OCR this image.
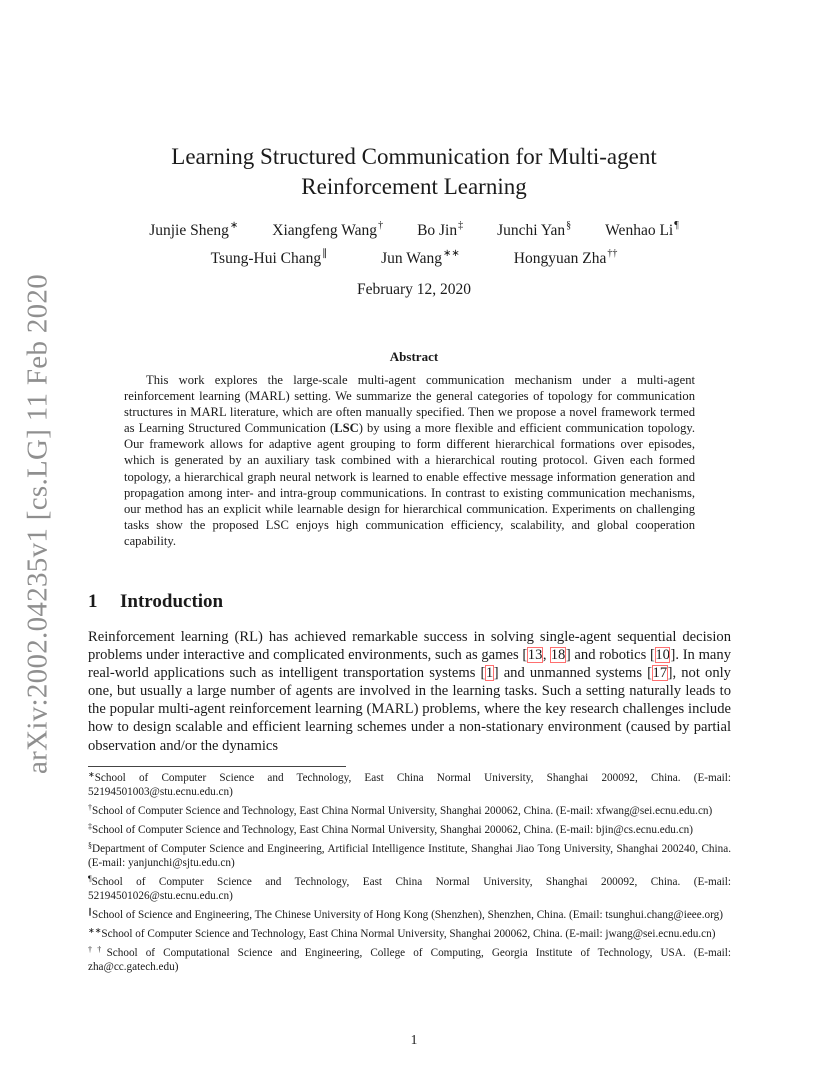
arXiv:2002.04235v1 [cs.LG] 11 Feb 2020
Learning Structured Communication for Multi-agent
Reinforcement Learning
Junjie Sheng∗ Xiangfeng Wang† Bo Jin‡ Junchi Yan§ Wenhao Li¶
Tsung-Hui Chang∥	Jun Wang∗∗	Hongyuan Zha††
February 12, 2020
Abstract
This work explores the large-scale multi-agent communication mechanism under a multi-agent reinforcement learning (MARL) setting. We summarize the general categories of topology for communication structures in MARL literature, which are often manually specified. Then we propose a novel framework termed as Learning Structured Communication (LSC) by using a more flexible and efficient communication topology. Our framework allows for adaptive agent grouping to form different hierarchical formations over episodes, which is generated by an auxiliary task combined with a hierarchical routing protocol. Given each formed topology, a hierarchical graph neural network is learned to enable effective message information generation and propagation among inter- and intra-group communications. In contrast to existing communication mechanisms, our method has an explicit while learnable design for hierarchical communication. Experiments on challenging tasks show the proposed LSC enjoys high communication efficiency, scalability, and global cooperation capability.
1 Introduction

Reinforcement learning (RL) has achieved remarkable success in solving single-agent sequential decision problems under interactive and complicated environments, such as games [13, 18] and robotics [10]. In many real-world applications such as intelligent transportation systems [1] and unmanned systems [17], not only one, but usually a large number of agents are involved in the learning tasks. Such a setting naturally leads to the popular multi-agent reinforcement learning (MARL) problems, where the key research challenges include how to design scalable and efficient learning schemes under a non-stationary environment (caused by partial observation and/or the dynamics

∗School of Computer Science and Technology, East China Normal University, Shanghai 200092, China. (E-mail: 52194501003@stu.ecnu.edu.cn)
†School of Computer Science and Technology, East China Normal University, Shanghai 200062, China. (E-mail: xfwang@sei.ecnu.edu.cn)
‡School of Computer Science and Technology, East China Normal University, Shanghai 200062, China. (E-mail: bjin@cs.ecnu.edu.cn)
§Department of Computer Science and Engineering, Artificial Intelligence Institute, Shanghai Jiao Tong University, Shanghai 200240, China. (E-mail: yanjunchi@sjtu.edu.cn)
¶School of Computer Science and Technology, East China Normal University, Shanghai 200092, China. (E-mail: 52194501026@stu.ecnu.edu.cn)
∥School of Science and Engineering, The Chinese University of Hong Kong (Shenzhen), Shenzhen, China. (Email: tsunghui.chang@ieee.org)
∗∗School of Computer Science and Technology, East China Normal University, Shanghai 200062, China. (E-mail: jwang@sei.ecnu.edu.cn)
††School of Computational Science and Engineering, College of Computing, Georgia Institute of Technology, USA. (E-mail: zha@cc.gatech.edu)
1
